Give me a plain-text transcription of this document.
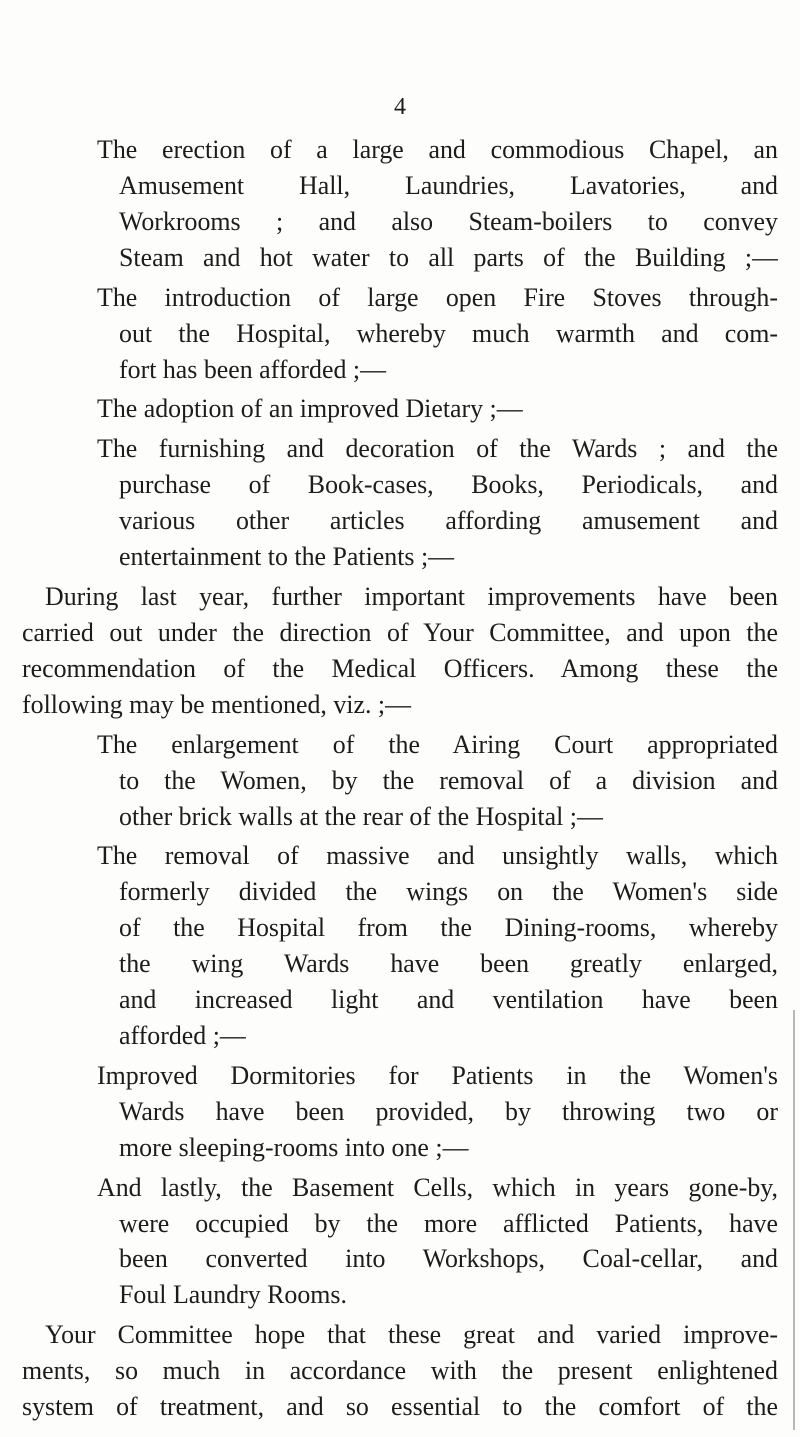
4
The erection of a large and commodious Chapel, an
Amusement Hall, Laundries, Lavatories, and
Workrooms ; and also Steam-boilers to convey
Steam and hot water to all parts of the Building ;—
The introduction of large open Fire Stoves through-
out the Hospital, whereby much warmth and com-
fort has been afforded ;—
The adoption of an improved Dietary ;—
The furnishing and decoration of the Wards ; and the
purchase of Book-cases, Books, Periodicals, and
various other articles affording amusement and
entertainment to the Patients ;—
During last year, further important improvements have been
carried out under the direction of Your Committee, and upon the
recommendation of the Medical Officers. Among these the
following may be mentioned, viz. ;—
The enlargement of the Airing Court appropriated
to the Women, by the removal of a division and
other brick walls at the rear of the Hospital ;—
The removal of massive and unsightly walls, which
formerly divided the wings on the Women's side
of the Hospital from the Dining-rooms, whereby
the wing Wards have been greatly enlarged,
and increased light and ventilation have been
afforded ;—
Improved Dormitories for Patients in the Women's
Wards have been provided, by throwing two or
more sleeping-rooms into one ;—
And lastly, the Basement Cells, which in years gone-by,
were occupied by the more afflicted Patients, have
been converted into Workshops, Coal-cellar, and
Foul Laundry Rooms.
Your Committee hope that these great and varied improve-
ments, so much in accordance with the present enlightened
system of treatment, and so essential to the comfort of the
